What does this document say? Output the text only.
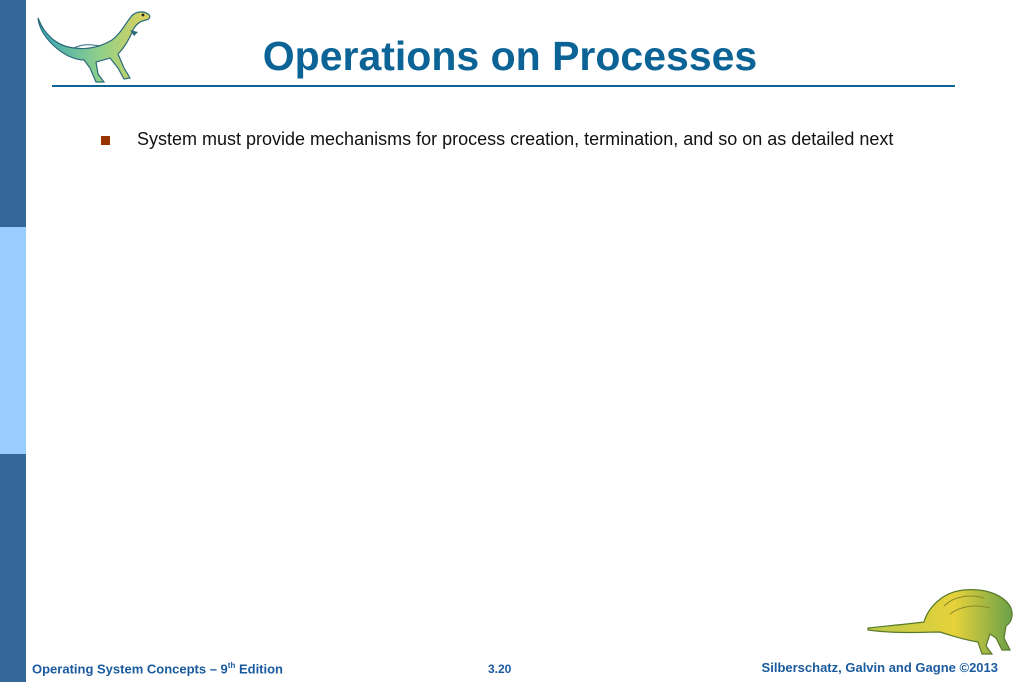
Operations on Processes
System must provide mechanisms for process creation, termination, and so on as detailed next
Operating System Concepts – 9th Edition	3.20	Silberschatz, Galvin and Gagne ©2013
